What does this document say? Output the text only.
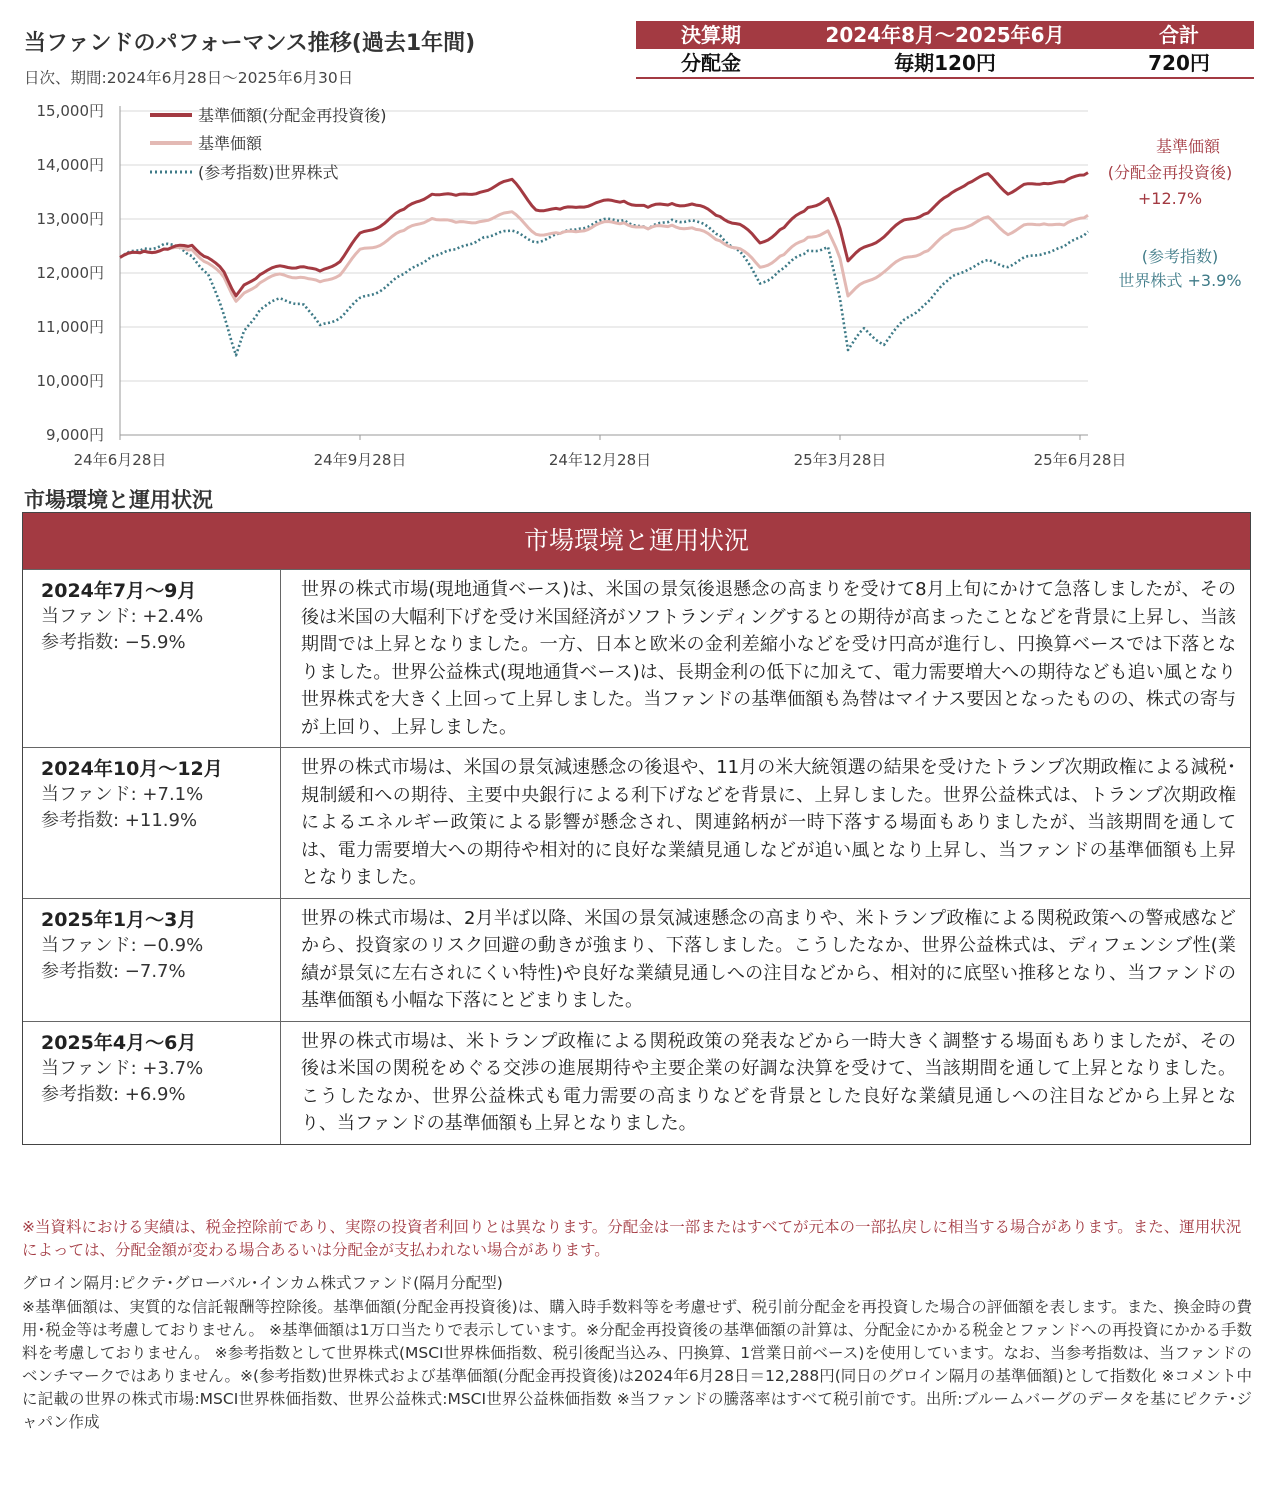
当ファンドのパフォーマンス推移(過去1年間)
日次、期間:2024年6月28日～2025年6月30日
決算期	2024年8月～2025年6月	合計
分配金	毎期120円	720円
15,000円
14,000円
13,000円
12,000円
11,000円
10,000円
9,000円
24年6月28日	24年9月28日	24年12月28日	25年3月28日	25年6月28日
基準価額(分配金再投資後)
基準価額
(参考指数)世界株式
基準価額
(分配金再投資後)
+12.7%
(参考指数)
世界株式 +3.9%
市場環境と運用状況
市場環境と運用状況
2024年7月～9月
当ファンド: +2.4%
参考指数: −5.9%
世界の株式市場(現地通貨ベース)は、米国の景気後退懸念の高まりを受けて8月上旬にかけて急落しましたが、その後は米国の大幅利下げを受け米国経済がソフトランディングするとの期待が高まったことなどを背景に上昇し、当該期間では上昇となりました。一方、日本と欧米の金利差縮小などを受け円高が進行し、円換算ベースでは下落となりました。世界公益株式(現地通貨ベース)は、長期金利の低下に加えて、電力需要増大への期待なども追い風となり世界株式を大きく上回って上昇しました。当ファンドの基準価額も為替はマイナス要因となったものの、株式の寄与が上回り、上昇しました。
2024年10月～12月
当ファンド: +7.1%
参考指数: +11.9%
世界の株式市場は、米国の景気減速懸念の後退や、11月の米大統領選の結果を受けたトランプ次期政権による減税･規制緩和への期待、主要中央銀行による利下げなどを背景に、上昇しました。世界公益株式は、トランプ次期政権によるエネルギー政策による影響が懸念され、関連銘柄が一時下落する場面もありましたが、当該期間を通しては、電力需要増大への期待や相対的に良好な業績見通しなどが追い風となり上昇し、当ファンドの基準価額も上昇となりました。
2025年1月～3月
当ファンド: −0.9%
参考指数: −7.7%
世界の株式市場は、2月半ば以降、米国の景気減速懸念の高まりや、米トランプ政権による関税政策への警戒感などから、投資家のリスク回避の動きが強まり、下落しました。こうしたなか、世界公益株式は、ディフェンシブ性(業績が景気に左右されにくい特性)や良好な業績見通しへの注目などから、相対的に底堅い推移となり、当ファンドの基準価額も小幅な下落にとどまりました。
2025年4月～6月
当ファンド: +3.7%
参考指数: +6.9%
世界の株式市場は、米トランプ政権による関税政策の発表などから一時大きく調整する場面もありましたが、その後は米国の関税をめぐる交渉の進展期待や主要企業の好調な決算を受けて、当該期間を通して上昇となりました。こうしたなか、世界公益株式も電力需要の高まりなどを背景とした良好な業績見通しへの注目などから上昇となり、当ファンドの基準価額も上昇となりました。
※当資料における実績は、税金控除前であり、実際の投資者利回りとは異なります。分配金は一部またはすべてが元本の一部払戻しに相当する場合があります。また、運用状況によっては、分配金額が変わる場合あるいは分配金が支払われない場合があります。
グロイン隔月:ピクテ･グローバル･インカム株式ファンド(隔月分配型)
※基準価額は、実質的な信託報酬等控除後。基準価額(分配金再投資後)は、購入時手数料等を考慮せず、税引前分配金を再投資した場合の評価額を表します。また、換金時の費用･税金等は考慮しておりません。 ※基準価額は1万口当たりで表示しています。※分配金再投資後の基準価額の計算は、分配金にかかる税金とファンドへの再投資にかかる手数料を考慮しておりません。 ※参考指数として世界株式(MSCI世界株価指数、税引後配当込み、円換算、1営業日前ベース)を使用しています。なお、当参考指数は、当ファンドのベンチマークではありません。※(参考指数)世界株式および基準価額(分配金再投資後)は2024年6月28日＝12,288円(同日のグロイン隔月の基準価額)として指数化 ※コメント中に記載の世界の株式市場:MSCI世界株価指数、世界公益株式:MSCI世界公益株価指数 ※当ファンドの騰落率はすべて税引前です。出所:ブルームバーグのデータを基にピクテ･ジャパン作成
